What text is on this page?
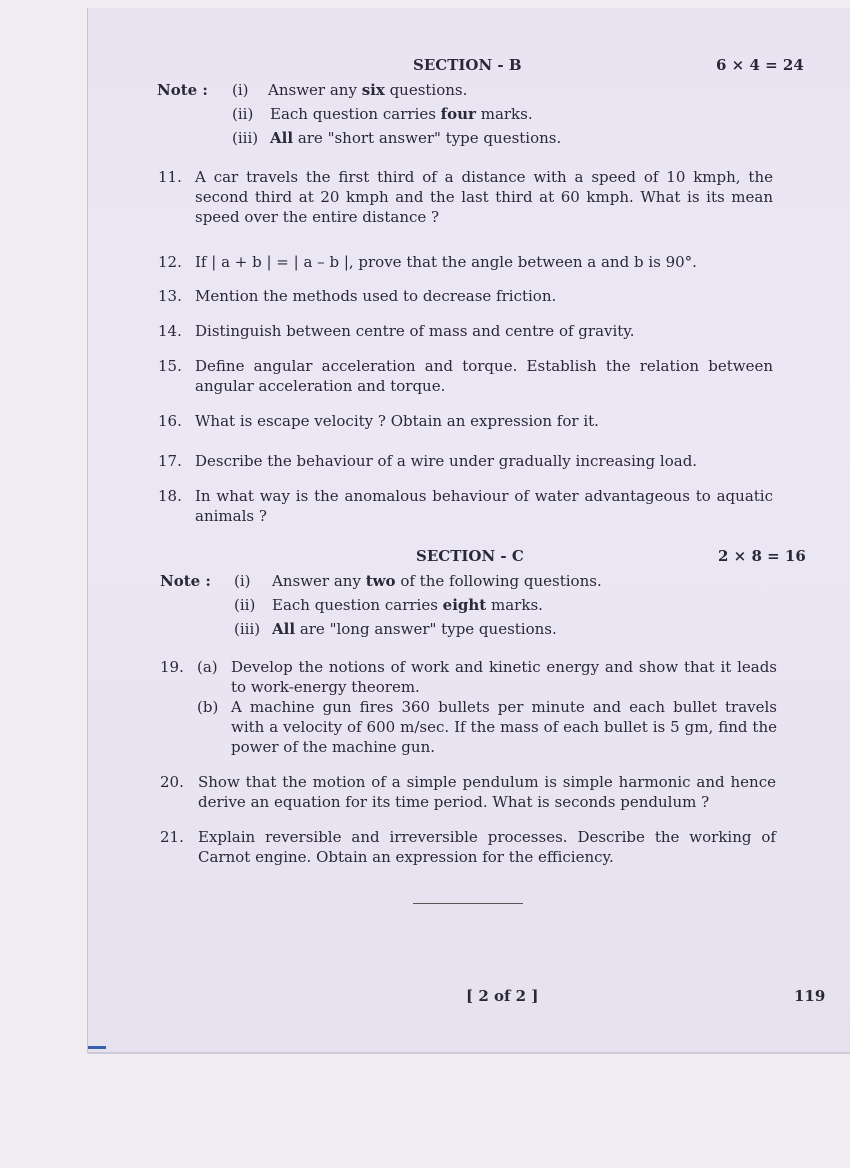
SECTION - B	6 × 4 = 24
Note : (i) Answer any six questions.
(ii) Each question carries four marks.
(iii) All are "short answer" type questions.
11. A car travels the first third of a distance with a speed of 10 kmph, the second third at 20 kmph and the last third at 60 kmph. What is its mean speed over the entire distance ?
12. If | a + b | = | a – b |, prove that the angle between a and b is 90°.
13. Mention the methods used to decrease friction.
14. Distinguish between centre of mass and centre of gravity.
15. Define angular acceleration and torque. Establish the relation between angular acceleration and torque.
16. What is escape velocity ? Obtain an expression for it.
17. Describe the behaviour of a wire under gradually increasing load.
18. In what way is the anomalous behaviour of water advantageous to aquatic animals ?
SECTION - C	2 × 8 = 16
Note : (i) Answer any two of the following questions.
(ii) Each question carries eight marks.
(iii) All are "long answer" type questions.
19. (a) Develop the notions of work and kinetic energy and show that it leads to work-energy theorem.
(b) A machine gun fires 360 bullets per minute and each bullet travels with a velocity of 600 m/sec. If the mass of each bullet is 5 gm, find the power of the machine gun.
20. Show that the motion of a simple pendulum is simple harmonic and hence derive an equation for its time period. What is seconds pendulum ?
21. Explain reversible and irreversible processes. Describe the working of Carnot engine. Obtain an expression for the efficiency.
[ 2 of 2 ]	119
